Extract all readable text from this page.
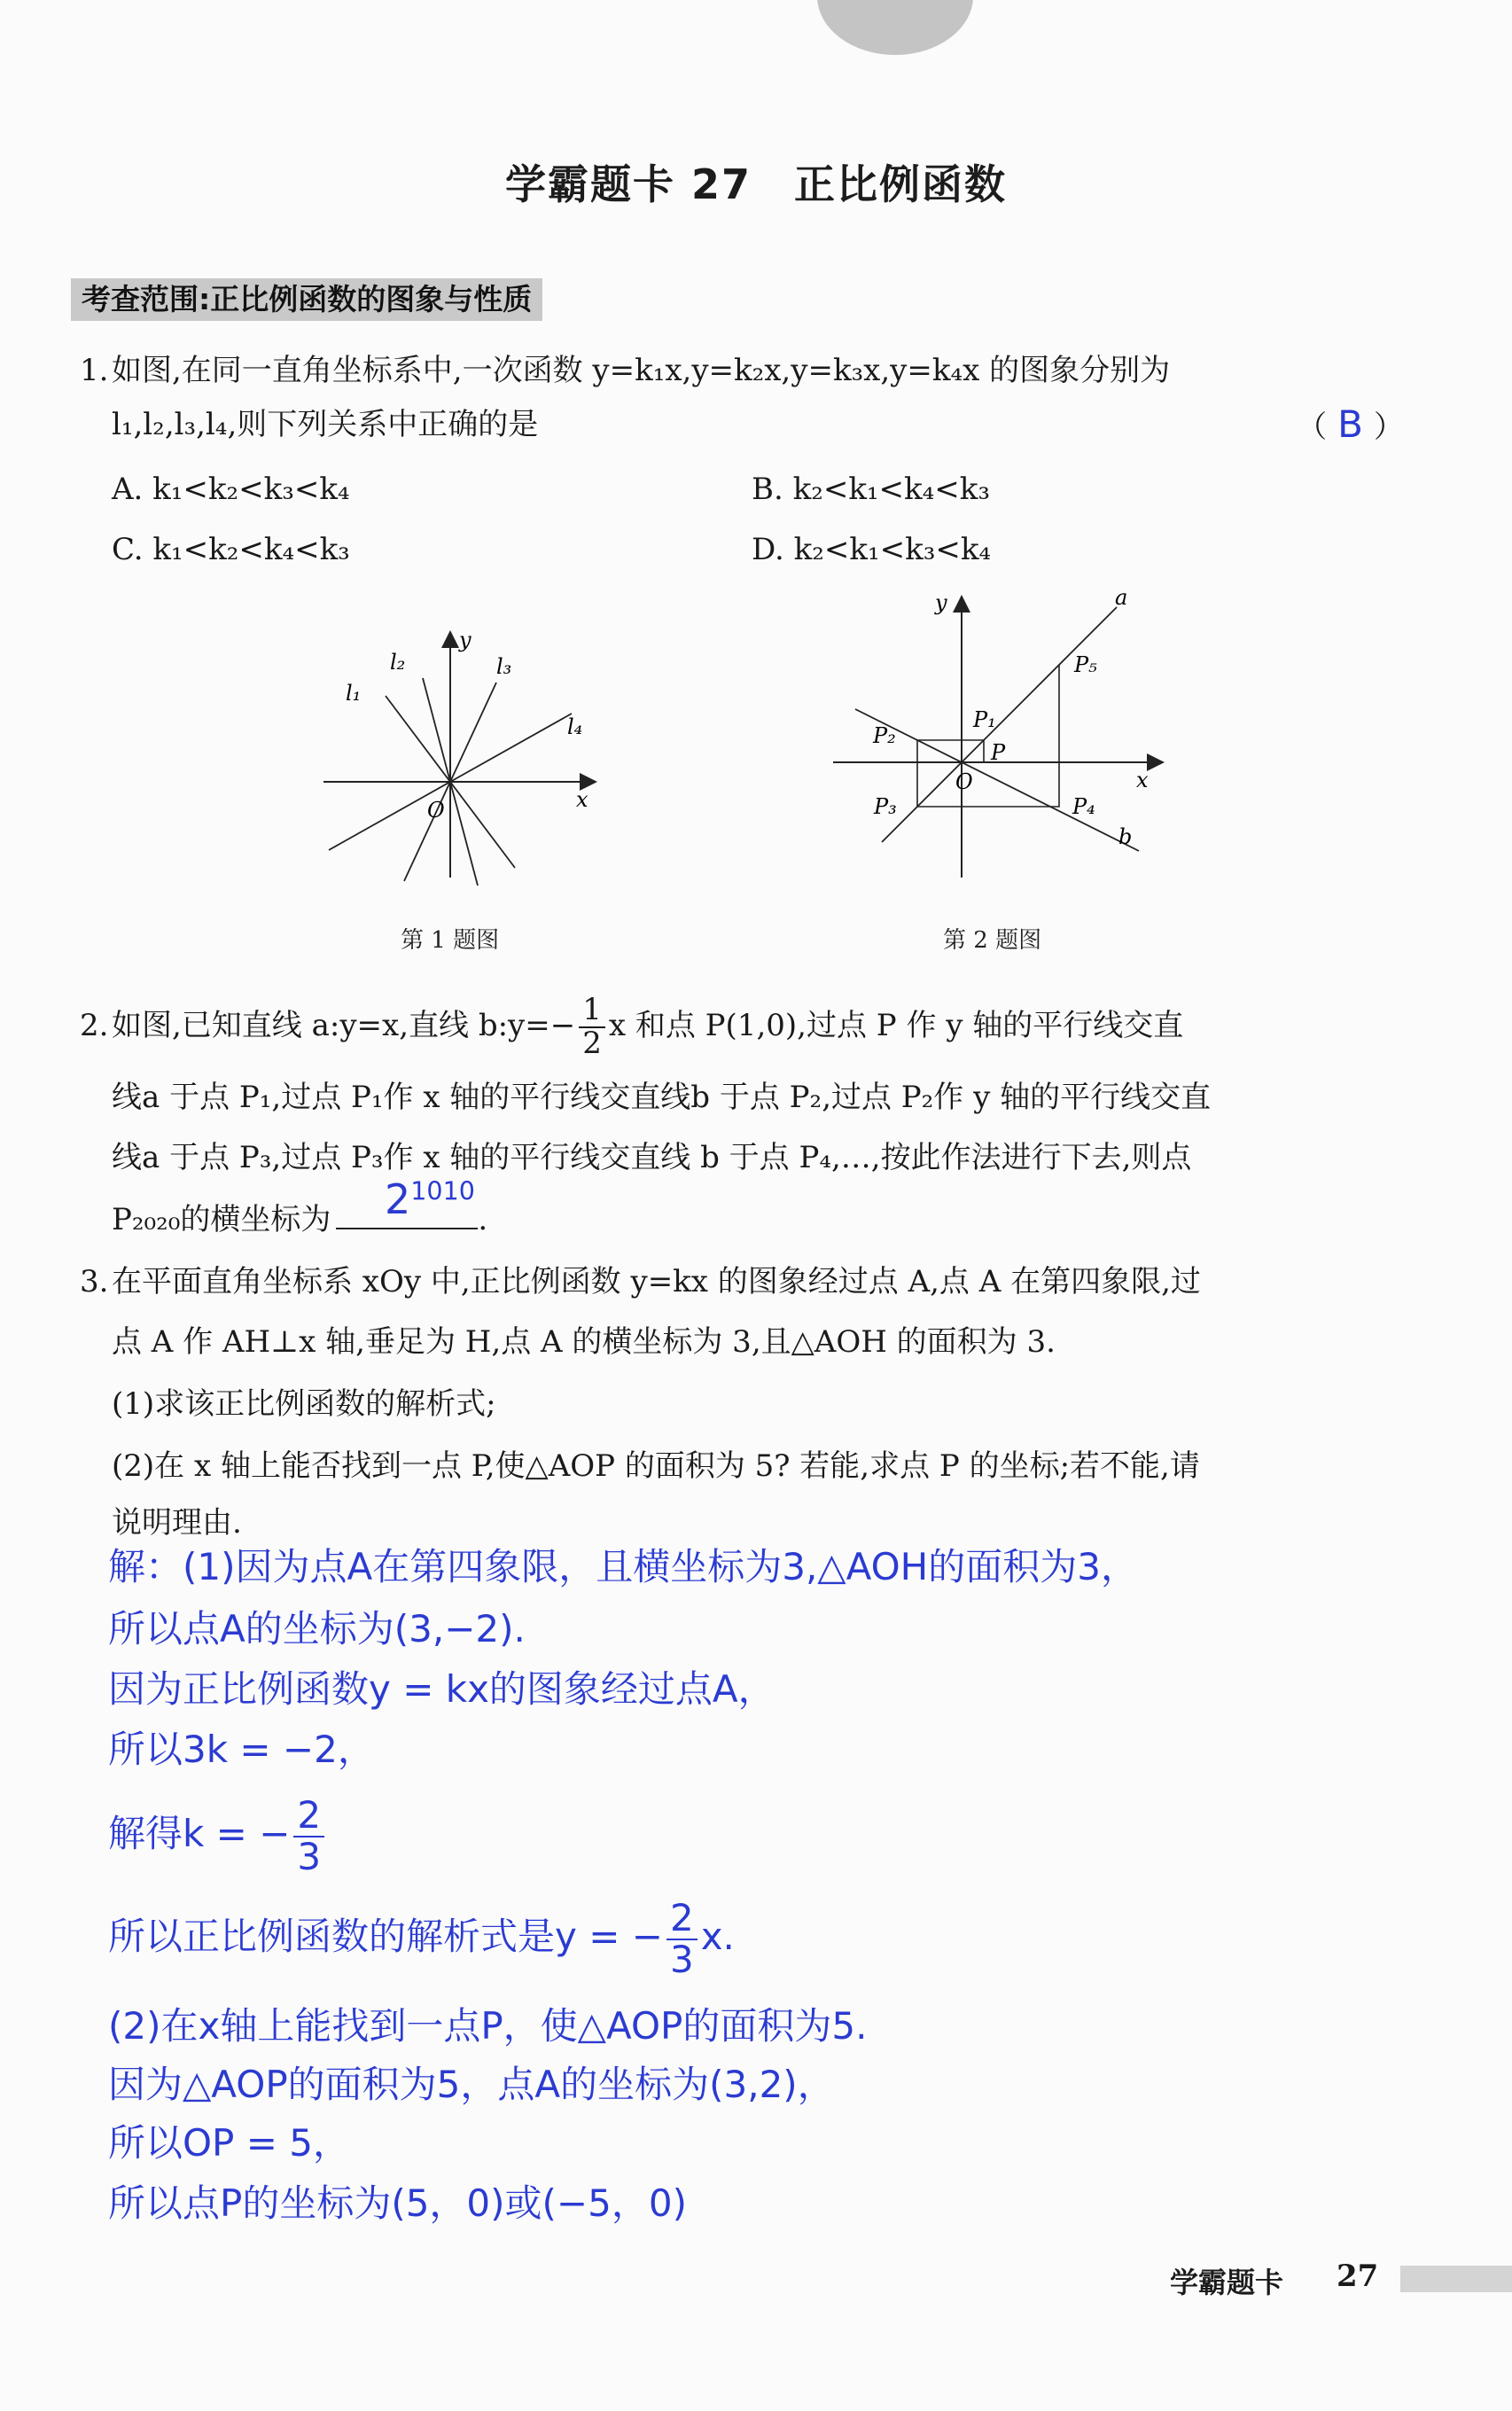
学霸题卡 27　正比例函数
考查范围:正比例函数的图象与性质
1. 如图,在同一直角坐标系中,一次函数 y=k₁x,y=k₂x,y=k₃x,y=k₄x 的图象分别为
l₁,l₂,l₃,l₄,则下列关系中正确的是	（ B ）
A. k₁<k₂<k₃<k₄	B. k₂<k₁<k₄<k₃
C. k₁<k₂<k₄<k₃	D. k₂<k₁<k₃<k₄
l₁
l₂	l₃
l₄
y
x
O
第 1 题图
a
b
y
x
O
P
P₁
P₂
P₃	P₄
P₅
第 2 题图
2. 如图,已知直线 a:y=x,直线 b:y=− $\frac{1}{2}$ x 和点 P(1,0),过点 P 作 y 轴的平行线交直
线a 于点 P₁,过点 P₁作 x 轴的平行线交直线b 于点 P₂,过点 P₂作 y 轴的平行线交直
线a 于点 P₃,过点 P₃作 x 轴的平行线交直线 b 于点 P₄,…,按此作法进行下去,则点
P₂₀₂₀的横坐标为	.
$2^{1010}$
3. 在平面直角坐标系 xOy 中,正比例函数 y=kx 的图象经过点 A,点 A 在第四象限,过
点 A 作 AH⊥x 轴,垂足为 H,点 A 的横坐标为 3,且△AOH 的面积为 3.
(1)求该正比例函数的解析式;
(2)在 x 轴上能否找到一点 P,使△AOP 的面积为 5? 若能,求点 P 的坐标;若不能,请
说明理由.
解：(1)因为点A在第四象限，且横坐标为3,△AOH的面积为3，
所以点A的坐标为(3,−2).
因为正比例函数y = kx的图象经过点A，
所以3k = −2，
解得k = − $\frac{2}{3}$
所以正比例函数的解析式是y = − $\frac{2}{3} x$.
(2)在x轴上能找到一点P，使△AOP的面积为5.
因为△AOP的面积为5，点A的坐标为(3,2)，
所以OP = 5，
所以点P的坐标为(5，0)或(−5，0)
学霸题卡 27
